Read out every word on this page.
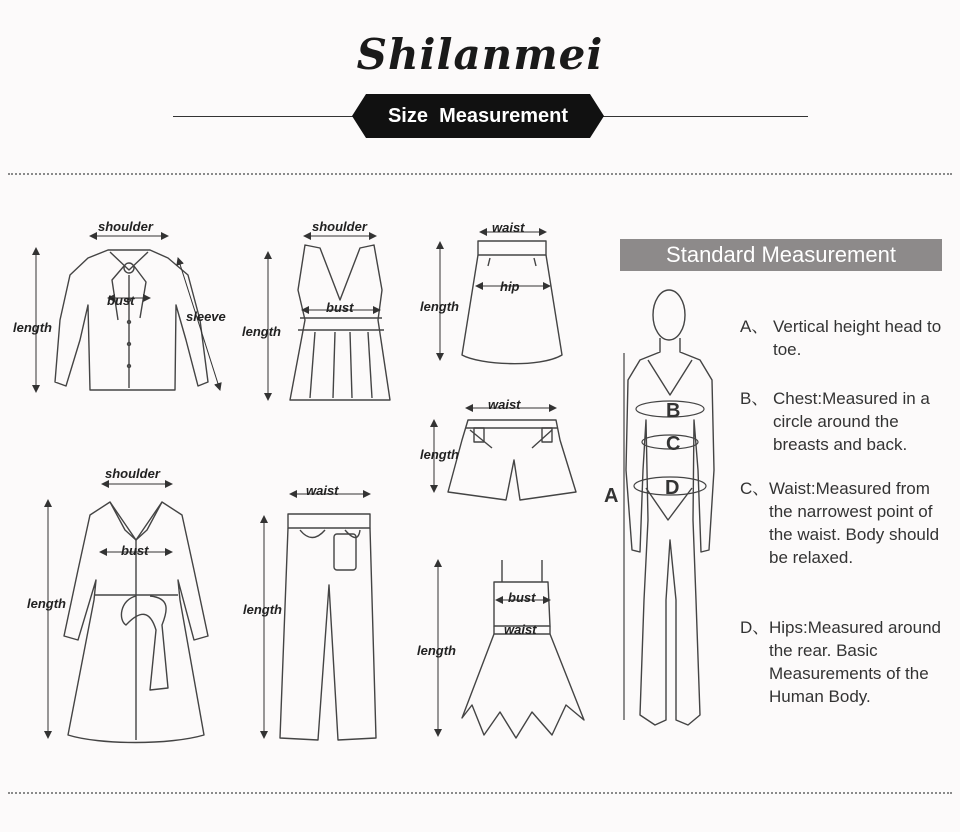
Shilanmei
Size  Measurement
shoulder
bust
sleeve
length
shoulder
bust
length
waist
hip
length
waist
length
shoulder
bust
length
waist
length
bust
waist
length
B
C
D
A
Standard Measurement
A、 Vertical height head to toe.
B、 Chest:Measured in a circle around the breasts and back.
C、 Waist:Measured from the narrowest point of the waist. Body should be relaxed.
D、 Hips:Measured around the rear. Basic Measurements of the Human Body.
